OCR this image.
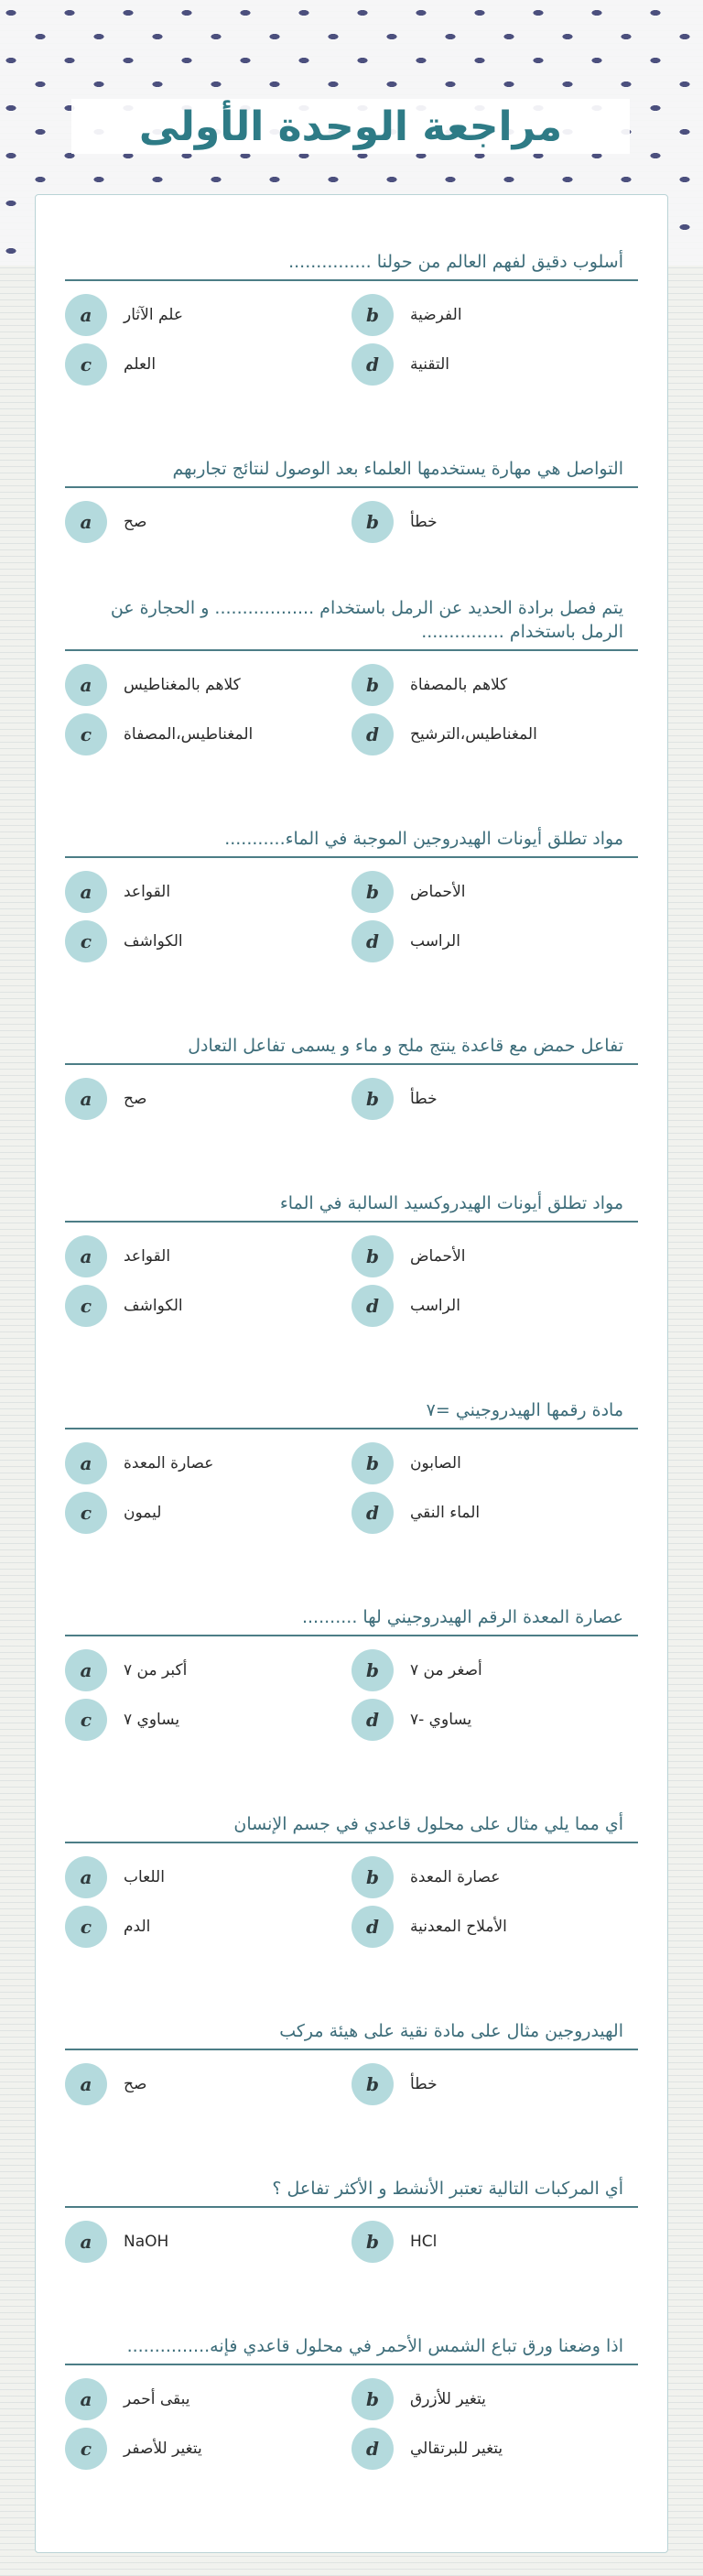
مراجعة الوحدة الأولى
أسلوب دقيق لفهم العالم من حولنا ...............
a	علم الآثار	b	الفرضية
c	العلم	d	التقنية
التواصل هي مهارة يستخدمها العلماء بعد الوصول لنتائج تجاربهم
a	صح	b	خطأ
يتم فصل برادة الحديد عن الرمل باستخدام .................. و الحجارة عن الرمل باستخدام ...............
a	كلاهم بالمغناطيس	b	كلاهم بالمصفاة
c	المغناطيس،المصفاة	d	المغناطيس،الترشيح
مواد تطلق أيونات الهيدروجين الموجبة في الماء...........
a	القواعد	b	الأحماض
c	الكواشف	d	الراسب
تفاعل حمض مع قاعدة ينتج ملح و ماء و يسمى تفاعل التعادل
a	صح	b	خطأ
مواد تطلق أيونات الهيدروكسيد السالبة في الماء
a	القواعد	b	الأحماض
c	الكواشف	d	الراسب
مادة رقمها الهيدروجيني =٧
a	عصارة المعدة	b	الصابون
c	ليمون	d	الماء النقي
عصارة المعدة الرقم الهيدروجيني لها ..........
a	أكبر من ٧	b	أصغر من ٧
c	يساوي ٧	d	يساوي -٧
أي مما يلي مثال على محلول قاعدي في جسم الإنسان
a	اللعاب	b	عصارة المعدة
c	الدم	d	الأملاح المعدنية
الهيدروجين مثال على مادة نقية على هيئة مركب
a	صح	b	خطأ
أي المركبات التالية تعتبر الأنشط و الأكثر تفاعل ؟
a	NaOH	b	HCl
اذا وضعنا ورق تباع الشمس الأحمر في محلول قاعدي فإنه...............
a	يبقى أحمر	b	يتغير للأزرق
c	يتغير للأصفر	d	يتغير للبرتقالي
